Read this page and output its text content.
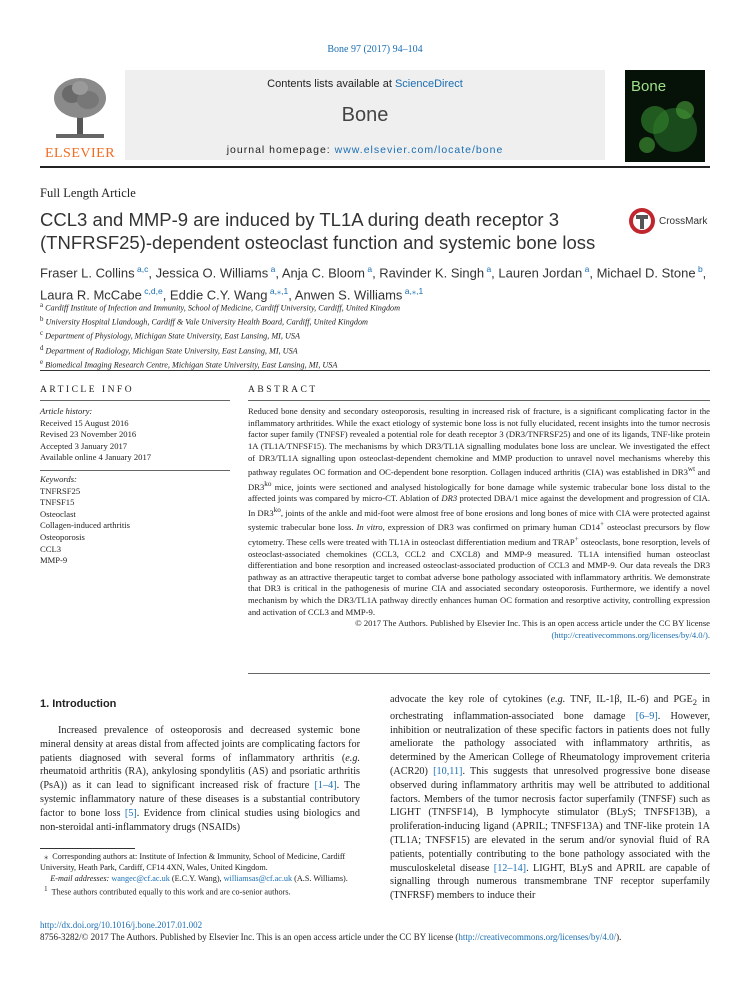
Bone 97 (2017) 94–104
ELSEVIER
Contents lists available at ScienceDirect
Bone
journal homepage: www.elsevier.com/locate/bone
Bone
Full Length Article
CCL3 and MMP-9 are induced by TL1A during death receptor 3 (TNFRSF25)-dependent osteoclast function and systemic bone loss
CrossMark
Fraser L. Collins $^{a,c}$, Jessica O. Williams $^a$, Anja C. Bloom $^a$, Ravinder K. Singh $^a$, Lauren Jordan $^a$, Michael D. Stone $^b$, Laura R. McCabe $^{c,d,e}$, Eddie C.Y. Wang $^{a,⁎,1}$, Anwen S. Williams $^{a,⁎,1}$
$^a$ Cardiff Institute of Infection and Immunity, School of Medicine, Cardiff University, Cardiff, United Kingdom
$^b$ University Hospital Llandough, Cardiff & Vale University Health Board, Cardiff, United Kingdom
$^c$ Department of Physiology, Michigan State University, East Lansing, MI, USA
$^d$ Department of Radiology, Michigan State University, East Lansing, MI, USA
$^e$ Biomedical Imaging Research Centre, Michigan State University, East Lansing, MI, USA
ARTICLE INFO
Article history:
Received 15 August 2016
Revised 23 November 2016
Accepted 3 January 2017
Available online 4 January 2017
Keywords:
TNFRSF25
TNFSF15
Osteoclast
Collagen-induced arthritis
Osteoporosis
CCL3
MMP-9
ABSTRACT
Reduced bone density and secondary osteoporosis, resulting in increased risk of fracture, is a significant complicating factor in the inflammatory arthritides. While the exact etiology of systemic bone loss is not fully elucidated, recent insights into the tumor necrosis factor super family (TNFSF) revealed a potential role for death receptor 3 (DR3/TNFRSF25) and one of its ligands, TNF-like protein 1A (TL1A/TNFSF15). The mechanisms by which DR3/TL1A signalling modulates bone loss are unclear. We investigated the effect of DR3/TL1A signalling upon osteoclast-dependent chemokine and MMP production to unravel novel mechanisms whereby this pathway regulates OC formation and OC-dependent bone resorption. Collagen induced arthritis (CIA) was established in $DR3^{wt}$ and $DR3^{ko}$ mice, joints were sectioned and analysed histologically for bone damage while systemic trabecular bone loss distal to the affected joints was compared by micro-CT. Ablation of DR3 protected DBA/1 mice against the development and progression of CIA. In $DR3^{ko}$, joints of the ankle and mid-foot were almost free of bone erosions and long bones of mice with CIA were protected against systemic trabecular bone loss. In vitro, expression of DR3 was confirmed on primary human CD14+ osteoclast precursors by flow cytometry. These cells were treated with TL1A in osteoclast differentiation medium and TRAP+ osteoclasts, bone resorption, levels of osteoclast-associated chemokines (CCL3, CCL2 and CXCL8) and MMP-9 measured. TL1A intensified human osteoclast differentiation and bone resorption and increased osteoclast-associated production of CCL3 and MMP-9. Our data reveals the DR3 pathway as an attractive therapeutic target to combat adverse bone pathology associated with inflammatory arthritis. We demonstrate that DR3 is critical in the pathogenesis of murine CIA and associated secondary osteoporosis. Furthermore, we identify a novel mechanism by which the DR3/TL1A pathway directly enhances human OC formation and resorptive activity, controlling expression and activation of CCL3 and MMP-9.
© 2017 The Authors. Published by Elsevier Inc. This is an open access article under the CC BY license
(http://creativecommons.org/licenses/by/4.0/).
1. Introduction
Increased prevalence of osteoporosis and decreased systemic bone mineral density at areas distal from affected joints are complicating factors for patients diagnosed with several forms of inflammatory arthritis (e.g. rheumatoid arthritis (RA), ankylosing spondylitis (AS) and psoriatic arthritis (PsA)) as it can lead to significant increased risk of fracture [1–4]. The systemic inflammatory nature of these diseases is a substantial contributory factor to bone loss [5]. Evidence from clinical studies using biologics and non-steroidal anti-inflammatory drugs (NSAIDs)
advocate the key role of cytokines (e.g. TNF, IL-1β, IL-6) and $PGE_2$ in orchestrating inflammation-associated bone damage [6–9]. However, inhibition or neutralization of these specific factors in patients does not fully ameliorate the pathology associated with inflammatory arthritis, as determined by the American College of Rheumatology improvement criteria (ACR20) [10,11]. This suggests that unresolved progressive bone disease observed during inflammatory arthritis may well be attributed to additional factors. Members of the tumor necrosis factor superfamily (TNFSF) such as LIGHT (TNFSF14), B lymphocyte stimulator (BLyS; TNFSF13B), a proliferation-inducing ligand (APRIL; TNFSF13A) and TNF-like protein 1A (TL1A; TNFSF15) are elevated in the serum and/or synovial fluid of RA patients, potentially contributing to the bone pathology associated with the musculoskeletal disease [12–14]. LIGHT, BLyS and APRIL are capable of signalling through numerous transmembrane TNF receptor superfamily (TNFRSF) members to induce their
⁎  Corresponding authors at: Institute of Infection & Immunity, School of Medicine, Cardiff University, Heath Park, Cardiff, CF14 4XN, Wales, United Kingdom.
E-mail addresses: wangec@cf.ac.uk (E.C.Y. Wang), williamsas@cf.ac.uk (A.S. Williams).
$^1$ These authors contributed equally to this work and are co-senior authors.
http://dx.doi.org/10.1016/j.bone.2017.01.002
8756-3282/© 2017 The Authors. Published by Elsevier Inc. This is an open access article under the CC BY license (http://creativecommons.org/licenses/by/4.0/).
